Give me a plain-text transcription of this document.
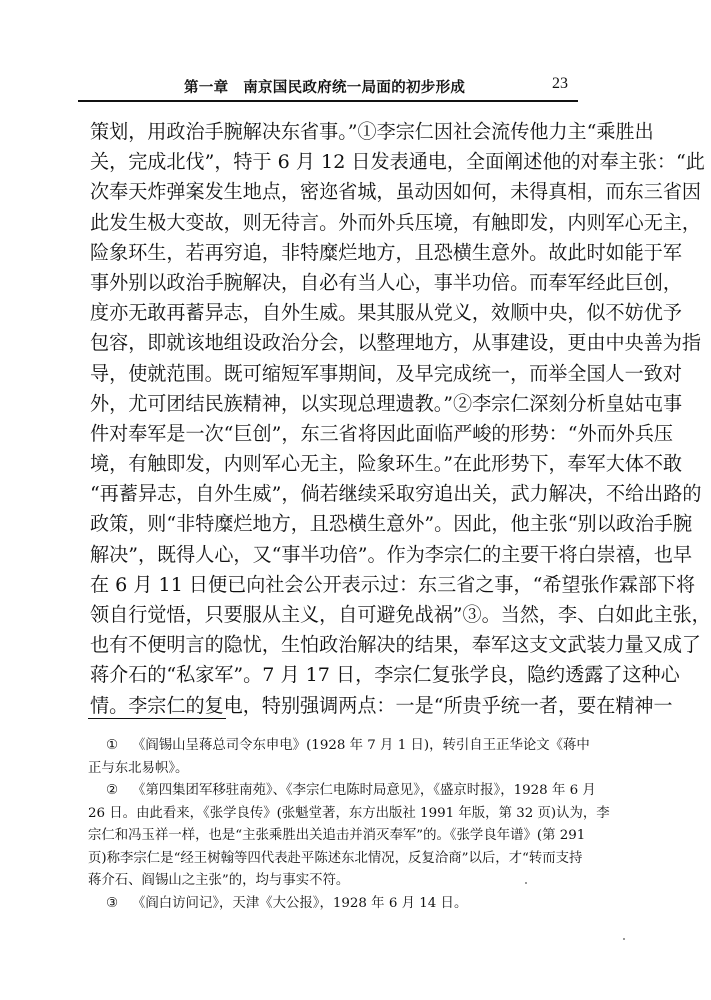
第一章　南京国民政府统一局面的初步形成	23
策划，用政治手腕解决东省事。”①李宗仁因社会流传他力主“乘胜出
关，完成北伐”，特于 6 月 12 日发表通电，全面阐述他的对奉主张：“此
次奉天炸弹案发生地点，密迩省城，虽动因如何，未得真相，而东三省因
此发生极大变故，则无待言。外而外兵压境，有触即发，内则军心无主，
险象环生，若再穷追，非特糜烂地方，且恐横生意外。故此时如能于军
事外别以政治手腕解决，自必有当人心，事半功倍。而奉军经此巨创，
度亦无敢再蓄异志，自外生威。果其服从党义，效顺中央，似不妨优予
包容，即就该地组设政治分会，以整理地方，从事建设，更由中央善为指
导，使就范围。既可缩短军事期间，及早完成统一，而举全国人一致对
外，尤可团结民族精神，以实现总理遗教。”②李宗仁深刻分析皇姑屯事
件对奉军是一次“巨创”，东三省将因此面临严峻的形势：“外而外兵压
境，有触即发，内则军心无主，险象环生。”在此形势下，奉军大体不敢
“再蓄异志，自外生威”，倘若继续采取穷追出关，武力解决，不给出路的
政策，则“非特糜烂地方，且恐横生意外”。因此，他主张“别以政治手腕
解决”，既得人心，又“事半功倍”。作为李宗仁的主要干将白崇禧，也早
在 6 月 11 日便已向社会公开表示过：东三省之事，“希望张作霖部下将
领自行觉悟，只要服从主义，自可避免战祸”③。当然，李、白如此主张，
也有不便明言的隐忧，生怕政治解决的结果，奉军这支文武装力量又成了
蒋介石的“私家军”。7 月 17 日，李宗仁复张学良，隐约透露了这种心
情。李宗仁的复电，特别强调两点：一是“所贵乎统一者，要在精神一
① 《阎锡山呈蒋总司令东申电》(1928 年 7 月 1 日)，转引自王正华论文《蒋中
正与东北易帜》。
② 《第四集团军移驻南苑》、《李宗仁电陈时局意见》，《盛京时报》，1928 年 6 月
26 日。由此看来，《张学良传》(张魁堂著，东方出版社 1991 年版，第 32 页)认为，李
宗仁和冯玉祥一样，也是“主张乘胜出关追击并消灭奉军”的。《张学良年谱》(第 291
页)称李宗仁是“经王树翰等四代表赴平陈述东北情况，反复洽商”以后，才“转而支持
蒋介石、阎锡山之主张”的，均与事实不符。
③ 《阎白访问记》，天津《大公报》，1928 年 6 月 14 日。
